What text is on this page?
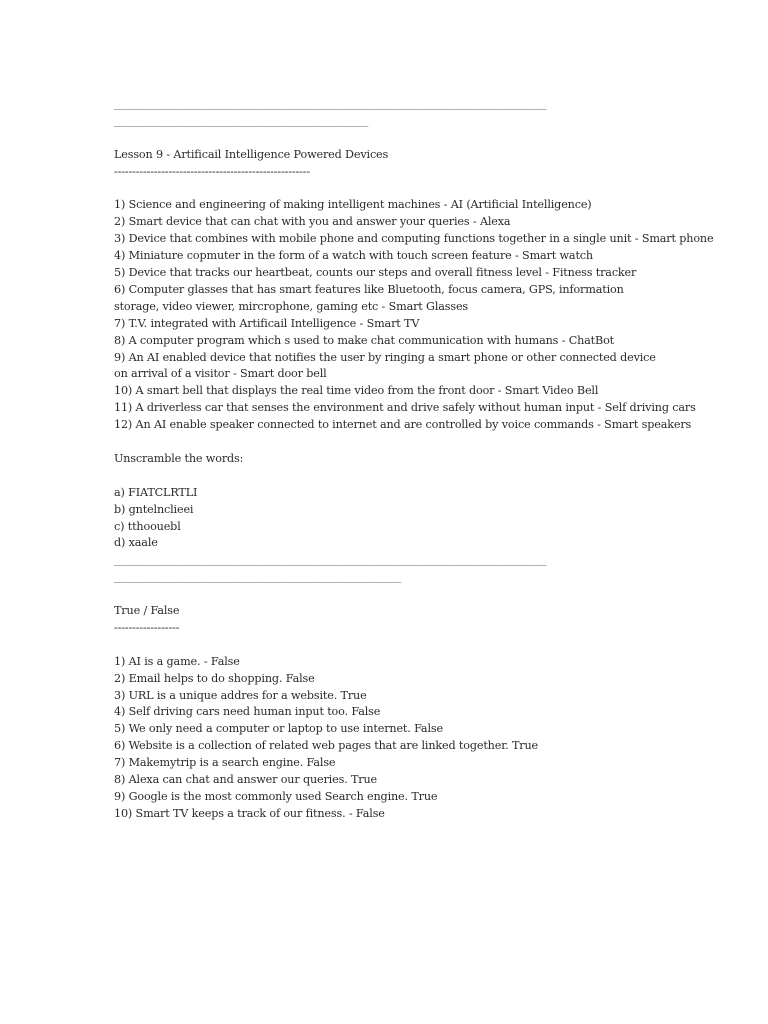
____________________________________________________________________________________________
______________________________________________________
Lesson 9 - Artificail Intelligence Powered Devices
------------------------------------------------------
1) Science and engineering of making intelligent machines - AI (Artificial Intelligence)
2) Smart device that can chat with you and answer your queries - Alexa
3) Device that combines with mobile phone and computing functions together in a single unit - Smart phone
4) Miniature copmuter in the form of a watch with touch screen feature - Smart watch
5) Device that tracks our heartbeat, counts our steps and overall fitness level - Fitness tracker
6) Computer glasses that has smart features like Bluetooth, focus camera, GPS, information storage, video viewer, mircrophone, gaming etc - Smart Glasses
7) T.V. integrated with Artificail Intelligence - Smart TV
8) A computer program which s used to make chat communication with humans - ChatBot
9) An AI enabled device that notifies the user by ringing a smart phone or other connected device on arrival of a visitor - Smart door bell
10) A smart bell that displays the real time video from the front door - Smart Video Bell
11) A driverless car that senses the environment and drive safely without human input - Self driving cars
12) An AI enable speaker connected to internet and are controlled by voice commands - Smart speakers
Unscramble the words:
a) FIATCLRTLI
b) gntelnclieei
c) tthoouebl
d) xaale
____________________________________________________________________________________________
_____________________________________________________________
True / False
------------------
1) AI is a game. - False
2) Email helps to do shopping. False
3) URL is a unique addres for a website. True
4) Self driving cars need human input too. False
5) We only need a computer or laptop to use internet. False
6) Website is a collection of related web pages that are linked together. True
7) Makemytrip is a search engine. False
8) Alexa can chat and answer our queries. True
9) Google is the most commonly used Search engine. True
10) Smart TV keeps a track of our fitness. - False
